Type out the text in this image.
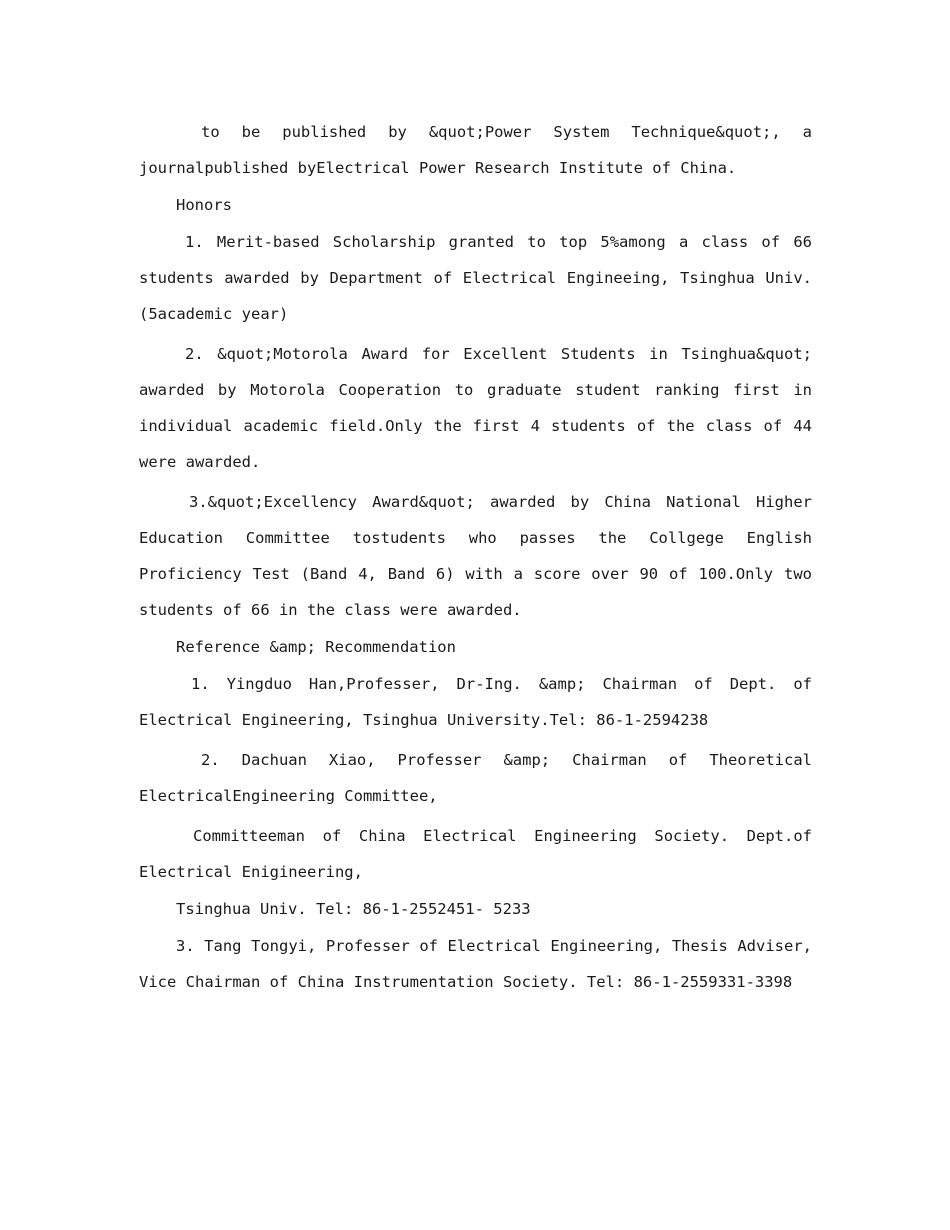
to be published by &quot;Power System Technique&quot;, a journalpublished byElectrical Power Research Institute of China.

Honors

1. Merit-based Scholarship granted to top 5%among a class of 66 students awarded by Department of Electrical Engineeing, Tsinghua Univ.(5academic year)

2. &quot;Motorola Award for Excellent Students in Tsinghua&quot; awarded by Motorola Cooperation to graduate student ranking first in individual academic field.Only the first 4 students of the class of 44 were awarded.

3.&quot;Excellency Award&quot; awarded by China National Higher Education Committee tostudents who passes the Collgege English Proficiency Test (Band 4, Band 6) with a score over 90 of 100.Only two students of 66 in the class were awarded.

Reference &amp; Recommendation

1. Yingduo Han,Professer, Dr-Ing. &amp; Chairman of Dept. of Electrical Engineering, Tsinghua University.Tel: 86-1-2594238

2. Dachuan Xiao, Professer &amp; Chairman of Theoretical ElectricalEngineering Committee,

Committeeman of China Electrical Engineering Society. Dept.of Electrical Enigineering,

Tsinghua Univ. Tel: 86-1-2552451- 5233

3. Tang Tongyi, Professer of Electrical Engineering, Thesis Adviser, Vice Chairman of China Instrumentation Society. Tel: 86-1-2559331-3398
